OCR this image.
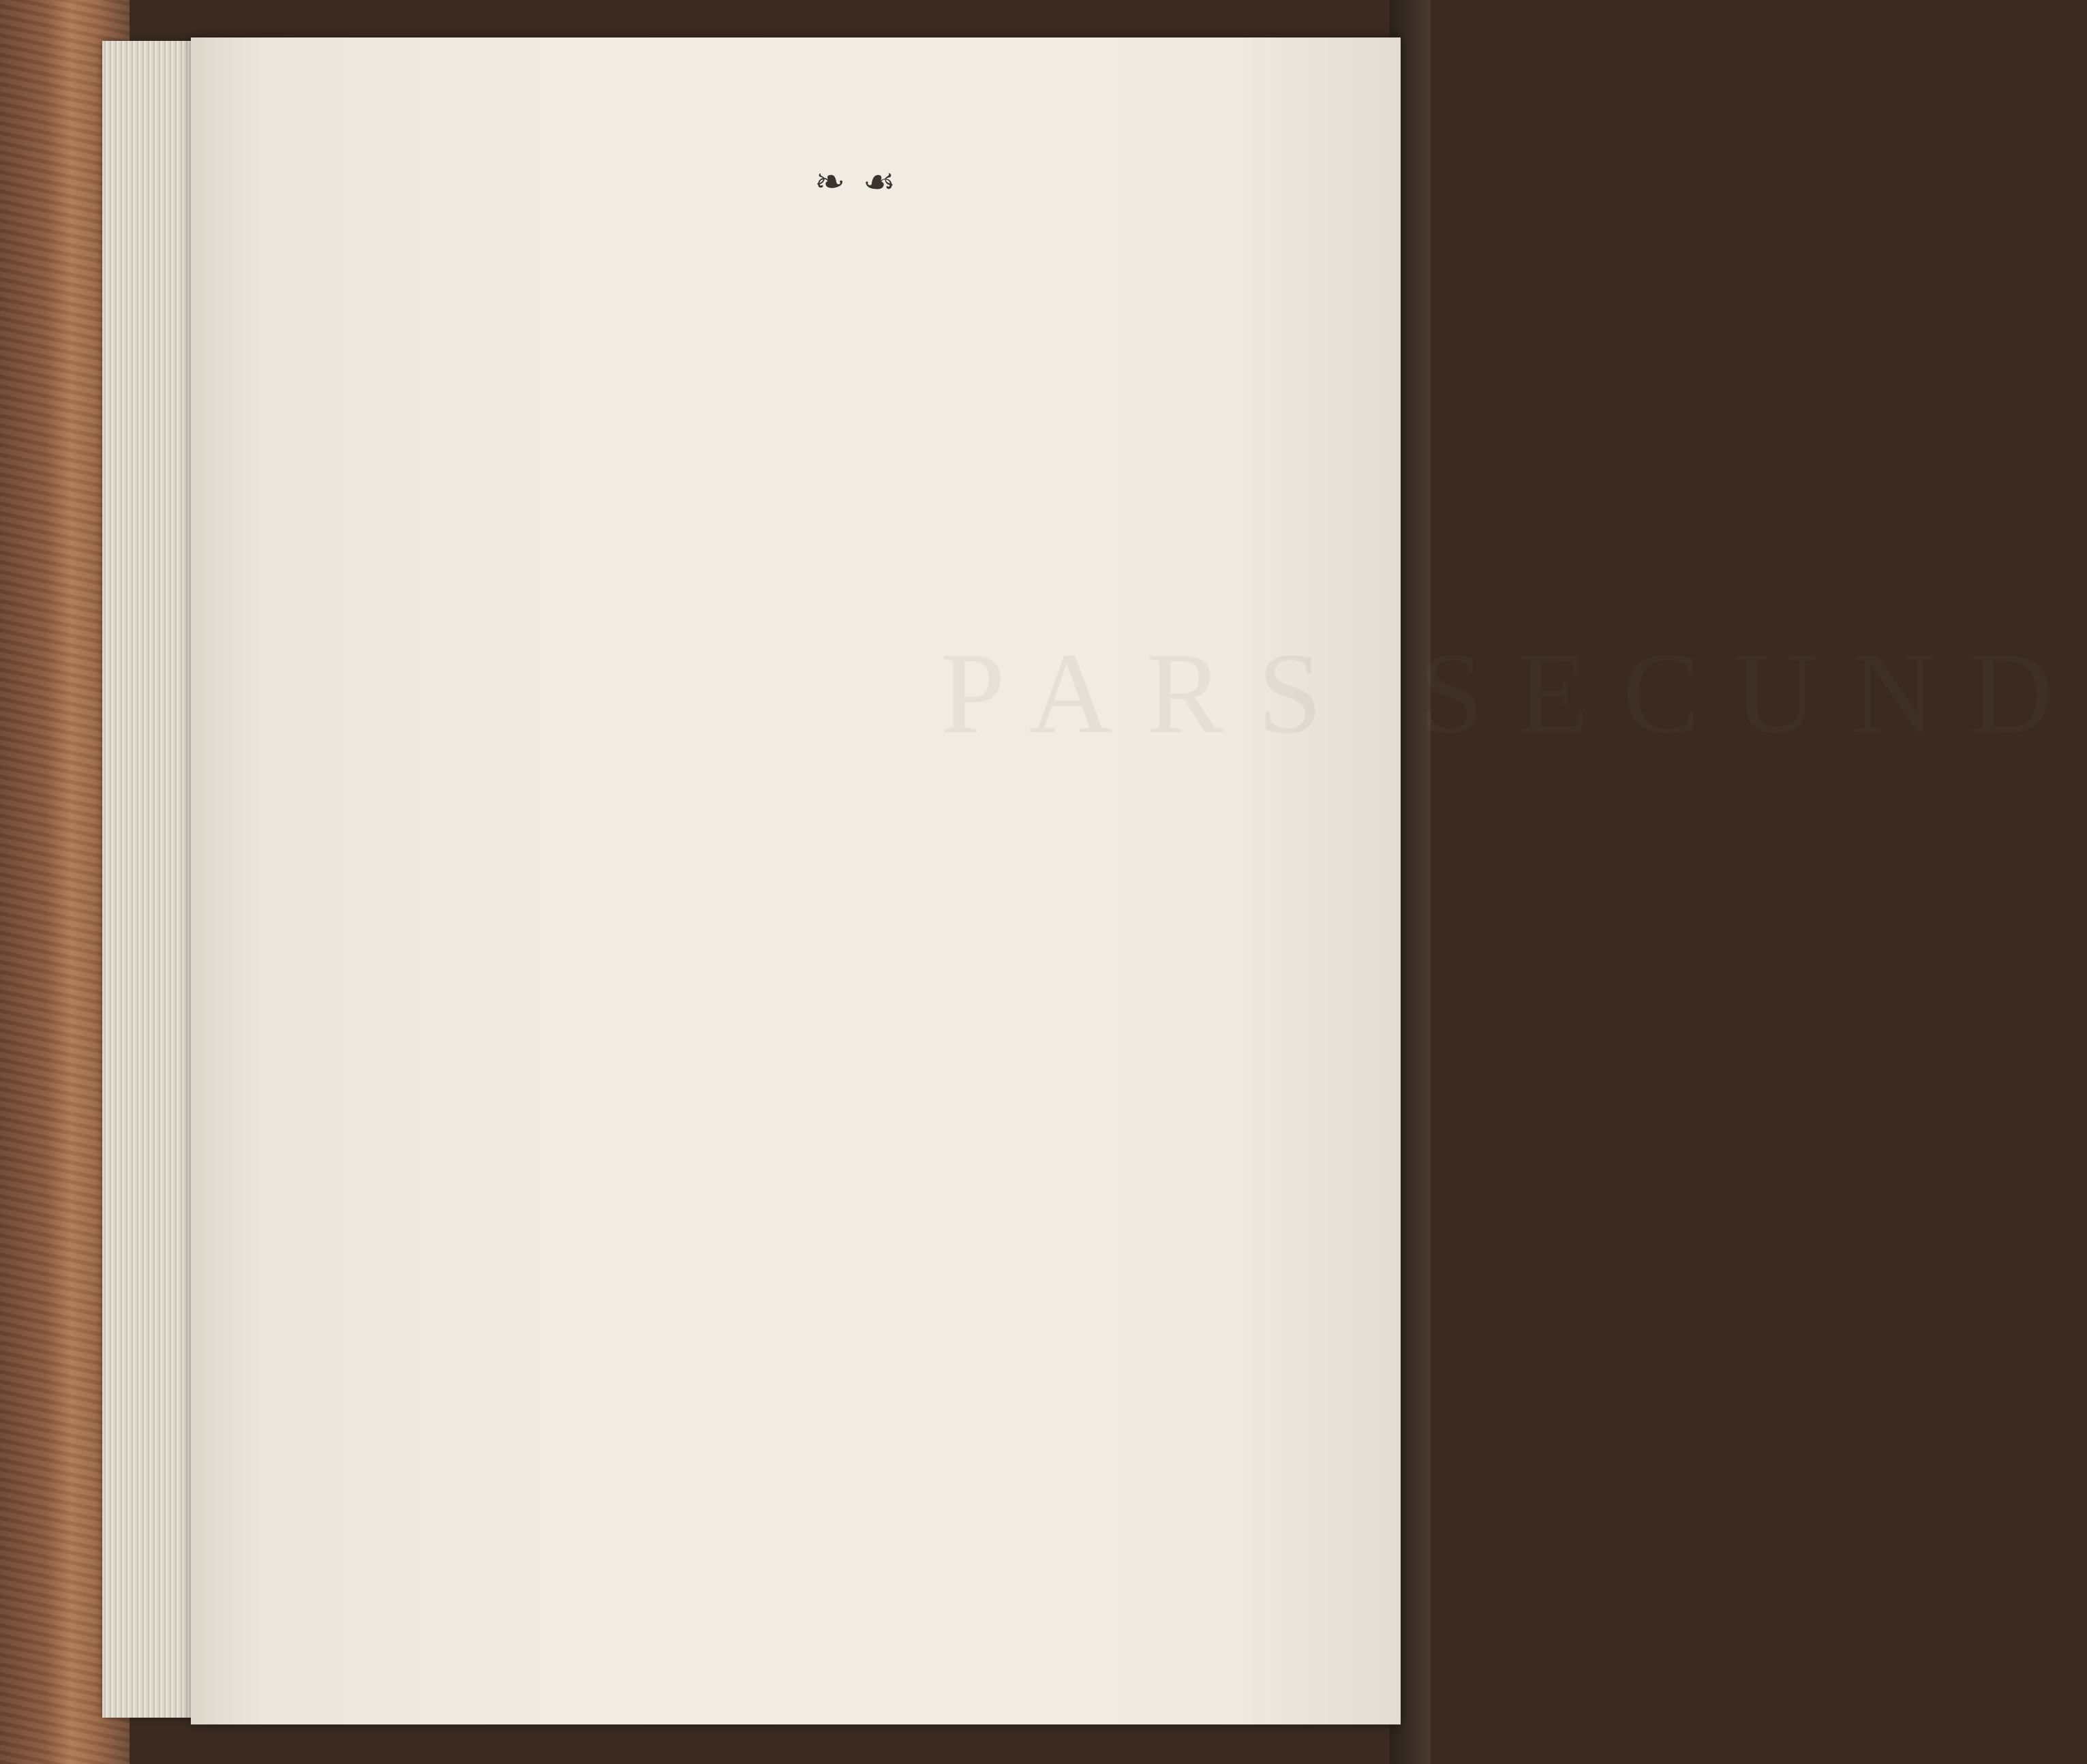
PARS SECUND
❧ ☙
